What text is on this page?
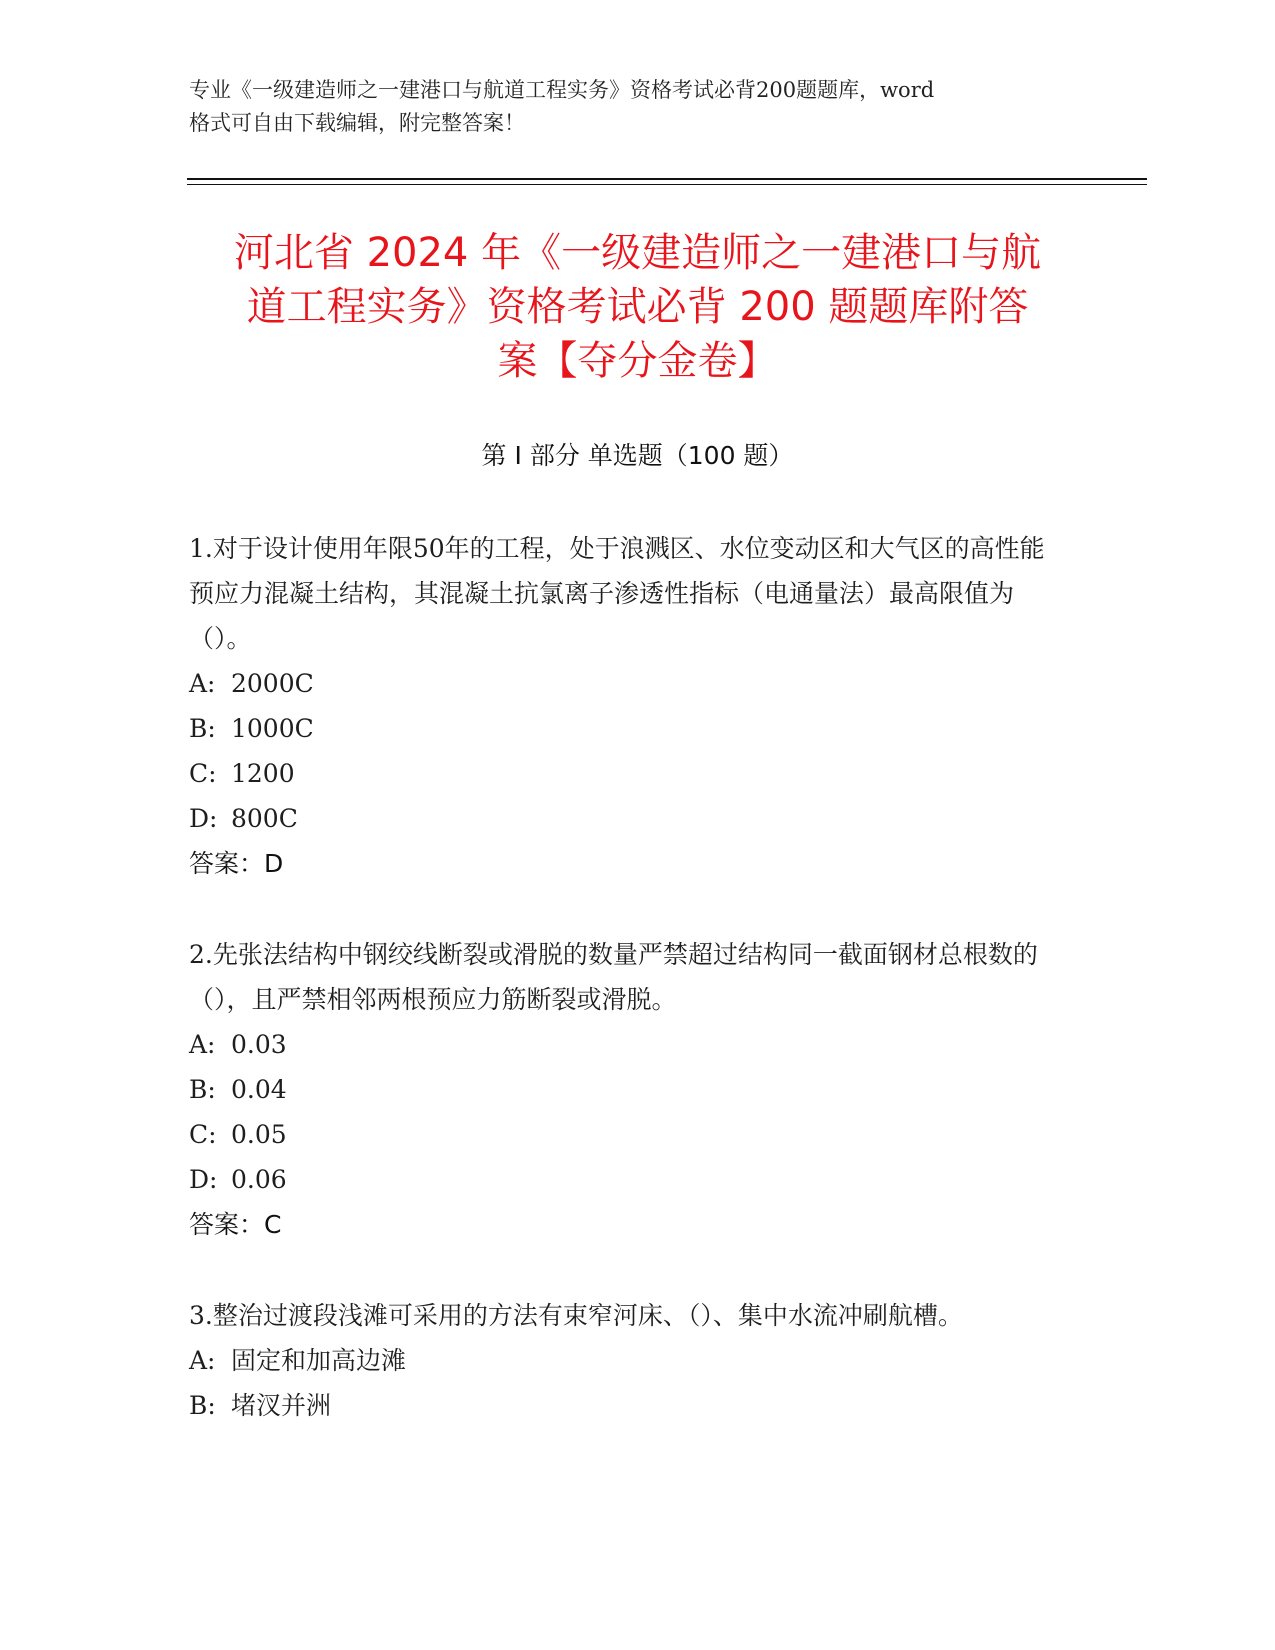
专业《一级建造师之一建港口与航道工程实务》资格考试必背200题题库，word
格式可自由下载编辑，附完整答案！
河北省 2024 年《一级建造师之一建港口与航
道工程实务》资格考试必背 200 题题库附答
案【夺分金卷】
第 I 部分 单选题（100 题）

1.对于设计使用年限50年的工程，处于浪溅区、水位变动区和大气区的高性能预应力混凝土结构，其混凝土抗氯离子渗透性指标（电通量法）最高限值为（）。

A: 2000C

B: 1000C

C: 1200

D: 800C

答案：D

2.先张法结构中钢绞线断裂或滑脱的数量严禁超过结构同一截面钢材总根数的（），且严禁相邻两根预应力筋断裂或滑脱。

A: 0.03

B: 0.04

C: 0.05

D: 0.06

答案：C

3.整治过渡段浅滩可采用的方法有束窄河床、（）、集中水流冲刷航槽。

A: 固定和加高边滩

B: 堵汊并洲
